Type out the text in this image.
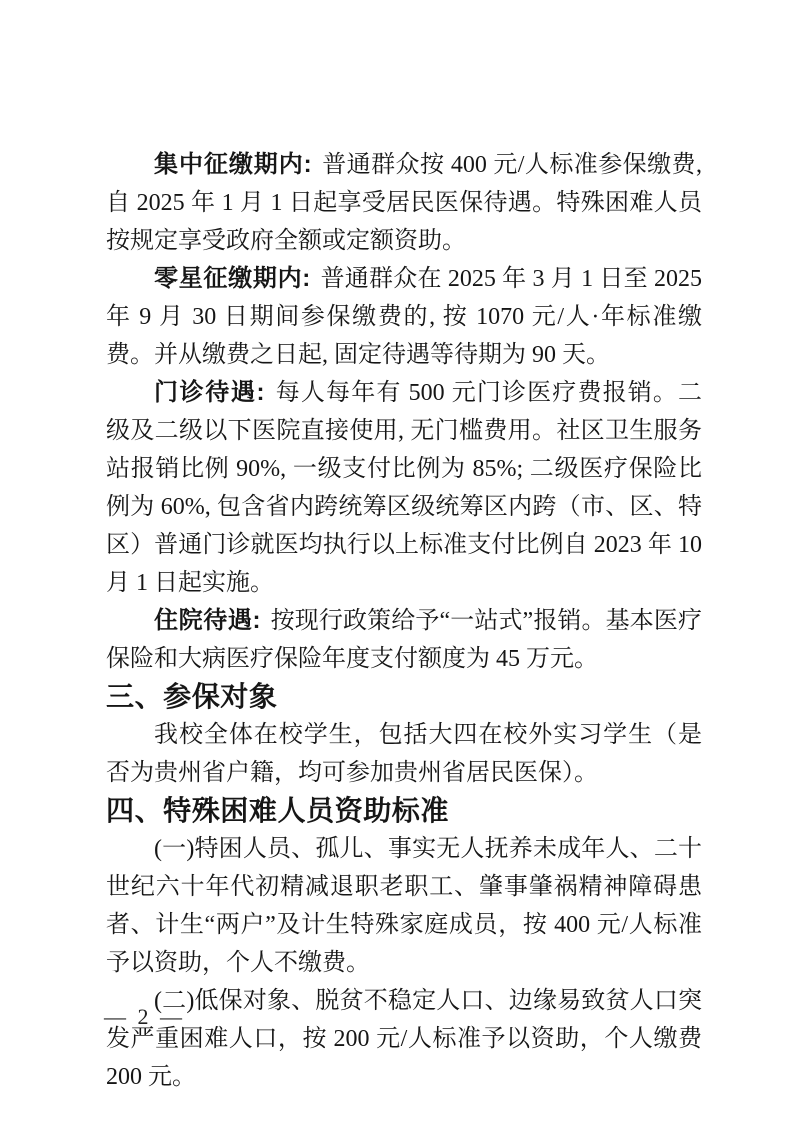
集中征缴期内: 普通群众按 400 元/人标准参保缴费, 自 2025 年 1 月 1 日起享受居民医保待遇。特殊困难人员按规定享受政府全额或定额资助。

零星征缴期内: 普通群众在 2025 年 3 月 1 日至 2025 年 9 月 30 日期间参保缴费的, 按 1070 元/人·年标准缴费。并从缴费之日起, 固定待遇等待期为 90 天。

门诊待遇: 每人每年有 500 元门诊医疗费报销。二级及二级以下医院直接使用, 无门槛费用。社区卫生服务站报销比例 90%, 一级支付比例为 85%; 二级医疗保险比例为 60%, 包含省内跨统筹区级统筹区内跨（市、区、特区）普通门诊就医均执行以上标准支付比例自 2023 年 10 月 1 日起实施。

住院待遇: 按现行政策给予“一站式”报销。基本医疗保险和大病医疗保险年度支付额度为 45 万元。

三、参保对象

我校全体在校学生，包括大四在校外实习学生（是否为贵州省户籍，均可参加贵州省居民医保）。

四、特殊困难人员资助标准

(一)特困人员、孤儿、事实无人抚养未成年人、二十世纪六十年代初精减退职老职工、肇事肇祸精神障碍患者、计生“两户”及计生特殊家庭成员，按 400 元/人标准予以资助，个人不缴费。

(二)低保对象、脱贫不稳定人口、边缘易致贫人口突发严重困难人口，按 200 元/人标准予以资助，个人缴费 200 元。

— 2 —
